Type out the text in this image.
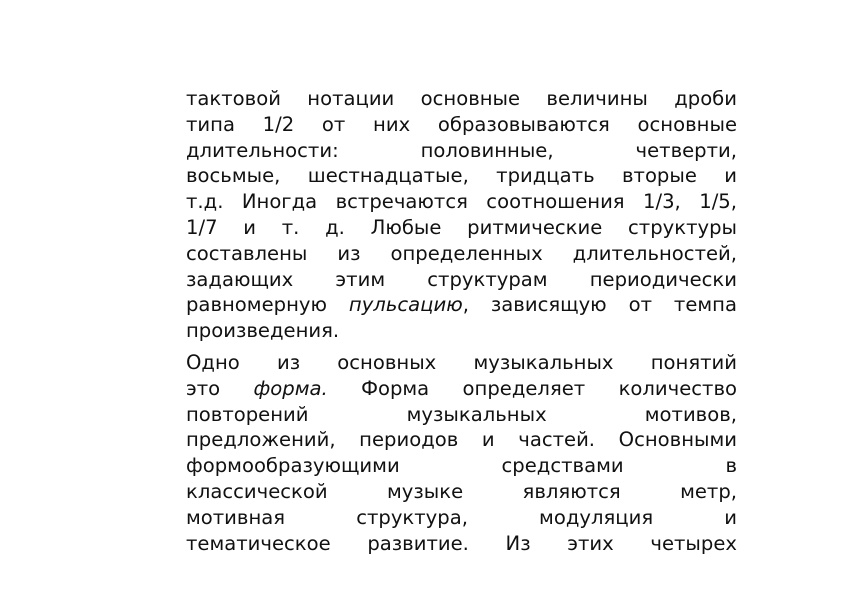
тактовой нотации основные величины дроби
типа 1/2 от них образовываются основные
длительности: половинные, четверти,
восьмые, шестнадцатые, тридцать вторые и
т.д. Иногда встречаются соотношения 1/3, 1/5,
1/7 и т. д. Любые ритмические структуры
составлены из определенных длительностей,
задающих этим структурам периодически
равномерную пульсацию, зависящую от темпа
произведения.
Одно из основных музыкальных понятий
это форма. Форма определяет количество
повторений музыкальных мотивов,
предложений, периодов и частей. Основными
формообразующими средствами в
классической музыке являются метр,
мотивная структура, модуляция и
тематическое развитие. Из этих четырех
